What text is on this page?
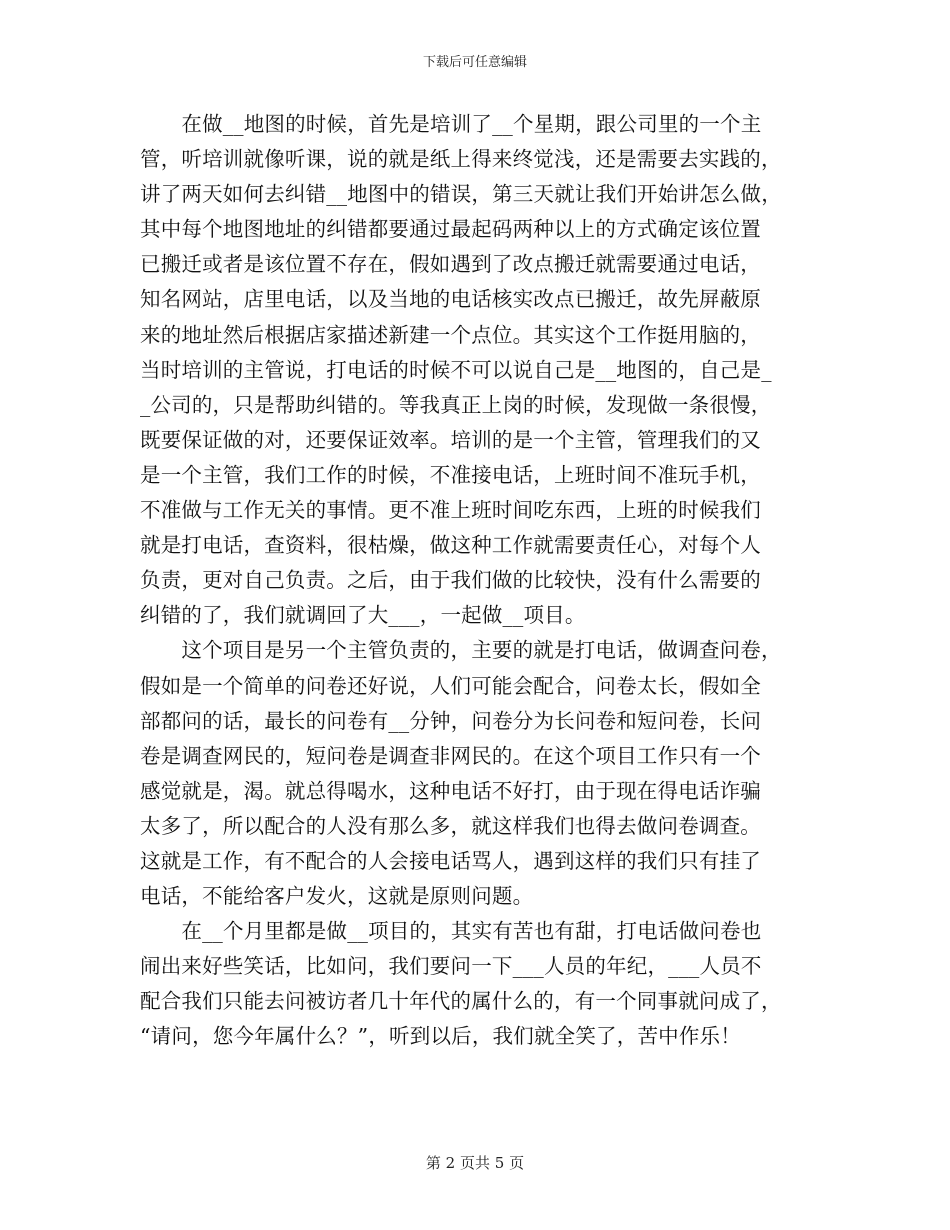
下载后可任意编辑

　　在做__地图的时候，首先是培训了__个星期，跟公司里的一个主
管，听培训就像听课，说的就是纸上得来终觉浅，还是需要去实践的，
讲了两天如何去纠错__地图中的错误，第三天就让我们开始讲怎么做，
其中每个地图地址的纠错都要通过最起码两种以上的方式确定该位置
已搬迁或者是该位置不存在，假如遇到了改点搬迁就需要通过电话，
知名网站，店里电话，以及当地的电话核实改点已搬迁，故先屏蔽原
来的地址然后根据店家描述新建一个点位。其实这个工作挺用脑的，
当时培训的主管说，打电话的时候不可以说自己是__地图的，自己是_
_公司的，只是帮助纠错的。等我真正上岗的时候，发现做一条很慢，
既要保证做的对，还要保证效率。培训的是一个主管，管理我们的又
是一个主管，我们工作的时候，不准接电话，上班时间不准玩手机，
不准做与工作无关的事情。更不准上班时间吃东西，上班的时候我们
就是打电话，查资料，很枯燥，做这种工作就需要责任心，对每个人
负责，更对自己负责。之后，由于我们做的比较快，没有什么需要的
纠错的了，我们就调回了大___，一起做__项目。

　　这个项目是另一个主管负责的，主要的就是打电话，做调查问卷，
假如是一个简单的问卷还好说，人们可能会配合，问卷太长，假如全
部都问的话，最长的问卷有__分钟，问卷分为长问卷和短问卷，长问
卷是调查网民的，短问卷是调查非网民的。在这个项目工作只有一个
感觉就是，渴。就总得喝水，这种电话不好打，由于现在得电话诈骗
太多了，所以配合的人没有那么多，就这样我们也得去做问卷调查。
这就是工作，有不配合的人会接电话骂人，遇到这样的我们只有挂了
电话，不能给客户发火，这就是原则问题。

　　在__个月里都是做__项目的，其实有苦也有甜，打电话做问卷也
闹出来好些笑话，比如问，我们要问一下___人员的年纪，___人员不
配合我们只能去问被访者几十年代的属什么的，有一个同事就问成了，
“请问，您今年属什么？”，听到以后，我们就全笑了，苦中作乐！

第 2 页共 5 页
